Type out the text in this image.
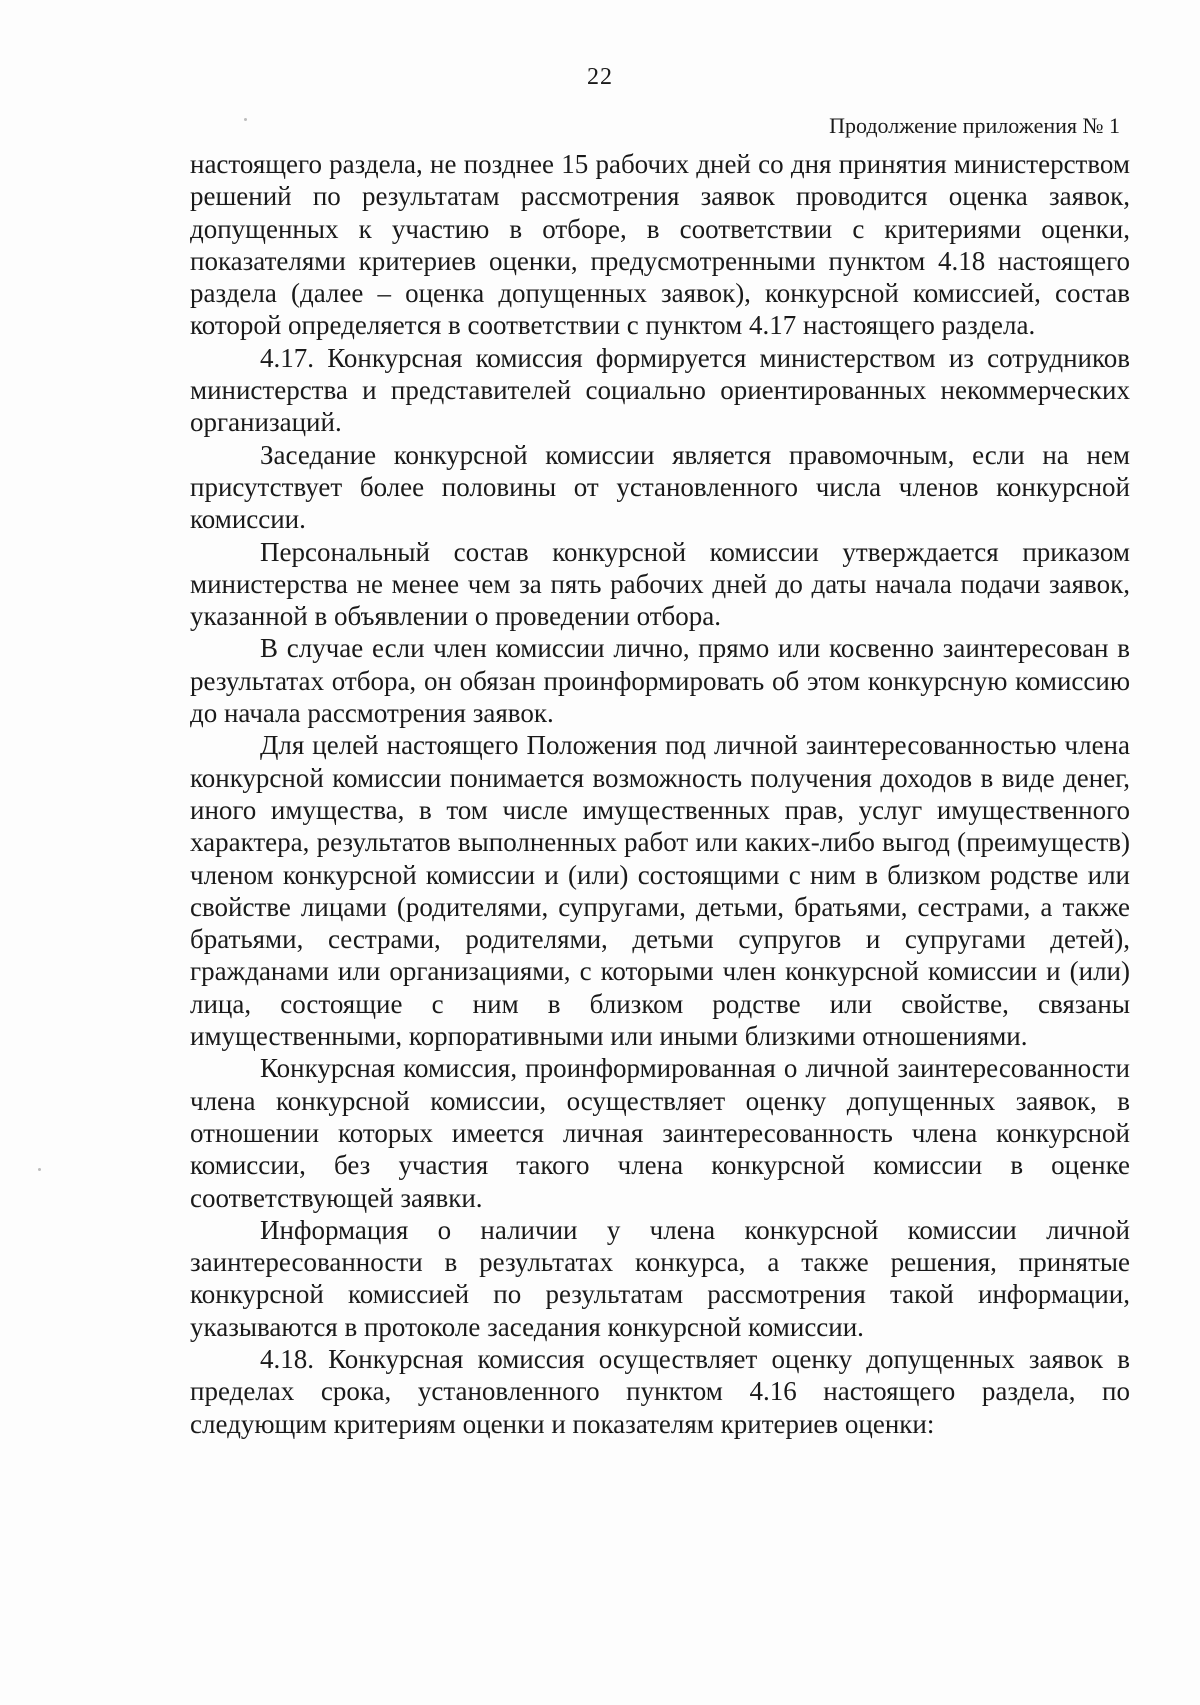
22
Продолжение приложения № 1

настоящего раздела, не позднее 15 рабочих дней со дня принятия министерством решений по результатам рассмотрения заявок проводится оценка заявок, допущенных к участию в отборе, в соответствии с критериями оценки, показателями критериев оценки, предусмотренными пунктом 4.18 настоящего раздела (далее – оценка допущенных заявок), конкурсной комиссией, состав которой определяется в соответствии с пунктом 4.17 настоящего раздела.

4.17. Конкурсная комиссия формируется министерством из сотрудников министерства и представителей социально ориентированных некоммерческих организаций.

Заседание конкурсной комиссии является правомочным, если на нем присутствует более половины от установленного числа членов конкурсной комиссии.

Персональный состав конкурсной комиссии утверждается приказом министерства не менее чем за пять рабочих дней до даты начала подачи заявок, указанной в объявлении о проведении отбора.

В случае если член комиссии лично, прямо или косвенно заинтересован в результатах отбора, он обязан проинформировать об этом конкурсную комиссию до начала рассмотрения заявок.

Для целей настоящего Положения под личной заинтересованностью члена конкурсной комиссии понимается возможность получения доходов в виде денег, иного имущества, в том числе имущественных прав, услуг имущественного характера, результатов выполненных работ или каких-либо выгод (преимуществ) членом конкурсной комиссии и (или) состоящими с ним в близком родстве или свойстве лицами (родителями, супругами, детьми, братьями, сестрами, а также братьями, сестрами, родителями, детьми супругов и супругами детей), гражданами или организациями, с которыми член конкурсной комиссии и (или) лица, состоящие с ним в близком родстве или свойстве, связаны имущественными, корпоративными или иными близкими отношениями.

Конкурсная комиссия, проинформированная о личной заинтересованности члена конкурсной комиссии, осуществляет оценку допущенных заявок, в отношении которых имеется личная заинтересованность члена конкурсной комиссии, без участия такого члена конкурсной комиссии в оценке соответствующей заявки.

Информация о наличии у члена конкурсной комиссии личной заинтересованности в результатах конкурса, а также решения, принятые конкурсной комиссией по результатам рассмотрения такой информации, указываются в протоколе заседания конкурсной комиссии.

4.18. Конкурсная комиссия осуществляет оценку допущенных заявок в пределах срока, установленного пунктом 4.16 настоящего раздела, по следующим критериям оценки и показателям критериев оценки:
